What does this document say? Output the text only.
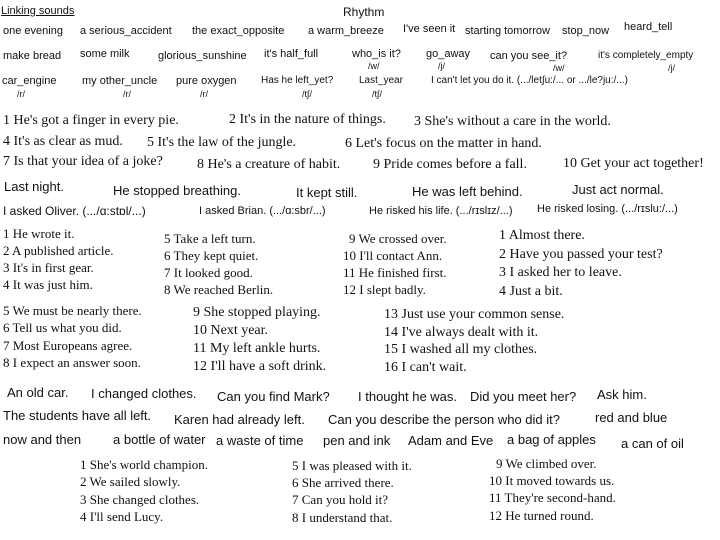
Linking sounds	Rhythm
one evening a serious_accident the exact_opposite a warm_breeze I've seen it starting tomorrow stop_now heard_tell
make bread some milk	glorious_sunshine it's half_full	who_is it? go_away can you see_it?	it's completely_empty
/w/	/j/	/w/	/j/
car_engine my other_uncle pure oxygen Has he left_yet?	Last_year	I can't let you do it. (.../let∫u:/... or .../le?ju:/...)
/r/	/r/	/r/	/t∫/	/t∫/
1 He's got a finger in every pie.	2 It's in the nature of things. 3 She's without a care in the world.
4 It's as clear as mud. 5 It's the law of the jungle.	6 Let's focus on the matter in hand.
7 Is that your idea of a joke? 8 He's a creature of habit. 9 Pride comes before a fall.	10 Get your act together!
Last night.	He stopped breathing.	It kept still.	He was left behind.	Just act normal.
I asked Oliver. (.../ɑ:stɒl/...)	I asked Brian. (.../ɑ:sbr/...)	He risked his life. (.../rɪslɪz/...) He risked losing. (.../rɪslu:/...)
1 He wrote it.
2 A published article.
3 It's in first gear.
4 It was just him.
5 Take a left turn.
6 They kept quiet.
7 It looked good.
8 We reached Berlin.
9 We crossed over.
10 I'll contact Ann.
11 He finished first.
12 I slept badly.
1 Almost there.
2 Have you passed your test?
3 I asked her to leave.
4 Just a bit.
5 We must be nearly there.
6 Tell us what you did.
7 Most Europeans agree.
8 I expect an answer soon.
9 She stopped playing.
10 Next year.
11 My left ankle hurts.
12 I'll have a soft drink.
13 Just use your common sense.
14 I've always dealt with it.
15 I washed all my clothes.
16 I can't wait.
An old car. I changed clothes. Can you find Mark? I thought he was. Did you meet her? Ask him.
The students have all left. Karen had already left. Can you describe the person who did it?	red and blue
now and then a bottle of water a waste of time pen and ink Adam and Eve a bag of apples a can of oil
1 She's world champion.
2 We sailed slowly.
3 She changed clothes.
4 I'll send Lucy.
5 I was pleased with it.
6 She arrived there.
7 Can you hold it?
8 I understand that.
9 We climbed over.
10 It moved towards us.
11 They're second-hand.
12 He turned round.
